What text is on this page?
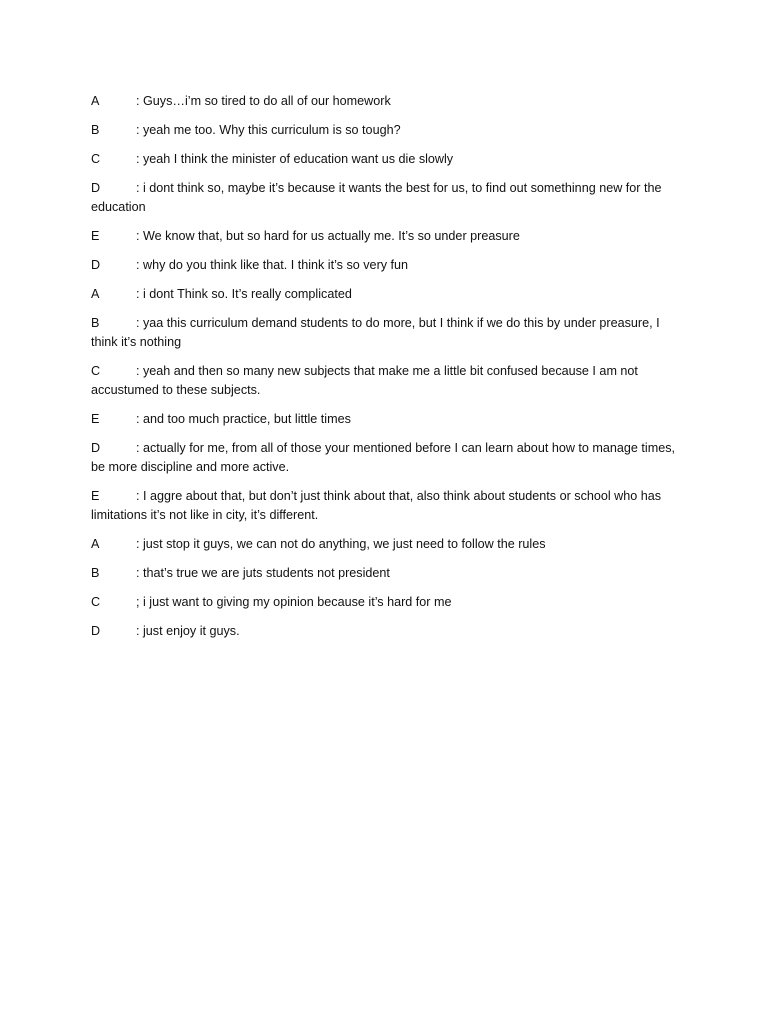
A	: Guys…i’m so tired to do all of our homework

B	: yeah me too. Why this curriculum is so tough?

C	: yeah I think the minister of education want us die slowly

D	: i dont think so, maybe it’s because it wants the best for us, to find out somethinng new for the education

E	: We know that, but so hard for us actually me. It’s so under preasure

D	: why do you think like that. I think it’s so very fun

A	: i dont Think so. It’s really complicated

B	: yaa this curriculum demand students to do more, but I think if we do this by under preasure, I think it’s nothing

C	: yeah and then so many new subjects that make me a little bit confused because I am not accustumed to these subjects.

E	: and too much practice, but little times

D	: actually for me, from all of those your mentioned before I can learn about how to manage times, be more discipline and more active.

E	: I aggre about that, but don’t just think about that, also think about students or school who has limitations it’s not like in city, it’s different.

A	: just stop it guys, we can not do anything, we just need to follow the rules

B	: that’s true we are juts students not president

C	; i just want to giving my opinion because it’s hard for me

D	: just enjoy it guys.
